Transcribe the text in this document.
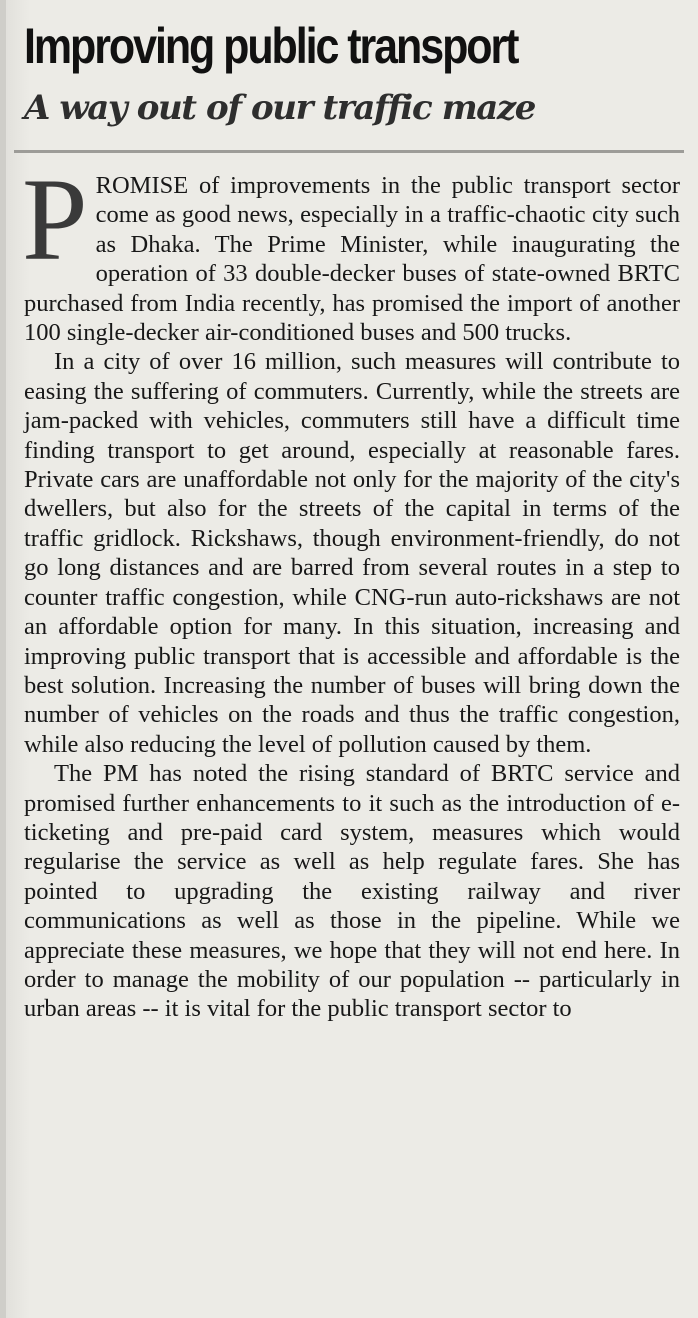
Improving public transport
A way out of our traffic maze

PROMISE of improvements in the public transport sector come as good news, especially in a traffic-chaotic city such as Dhaka. The Prime Minister, while inaugurating the operation of 33 double-decker buses of state-owned BRTC purchased from India recently, has promised the import of another 100 single-decker air-conditioned buses and 500 trucks.

In a city of over 16 million, such measures will contribute to easing the suffering of commuters. Currently, while the streets are jam-packed with vehicles, commuters still have a difficult time finding transport to get around, especially at reasonable fares. Private cars are unaffordable not only for the majority of the city's dwellers, but also for the streets of the capital in terms of the traffic gridlock. Rickshaws, though environment-friendly, do not go long distances and are barred from several routes in a step to counter traffic congestion, while CNG-run auto-rickshaws are not an affordable option for many. In this situation, increasing and improving public transport that is accessible and affordable is the best solution. Increasing the number of buses will bring down the number of vehicles on the roads and thus the traffic congestion, while also reducing the level of pollution caused by them.

The PM has noted the rising standard of BRTC service and promised further enhancements to it such as the introduction of e-ticketing and pre-paid card system, measures which would regularise the service as well as help regulate fares. She has pointed to upgrading the existing railway and river communications as well as those in the pipeline. While we appreciate these measures, we hope that they will not end here. In order to manage the mobility of our population -- particularly in urban areas -- it is vital for the public transport sector to
